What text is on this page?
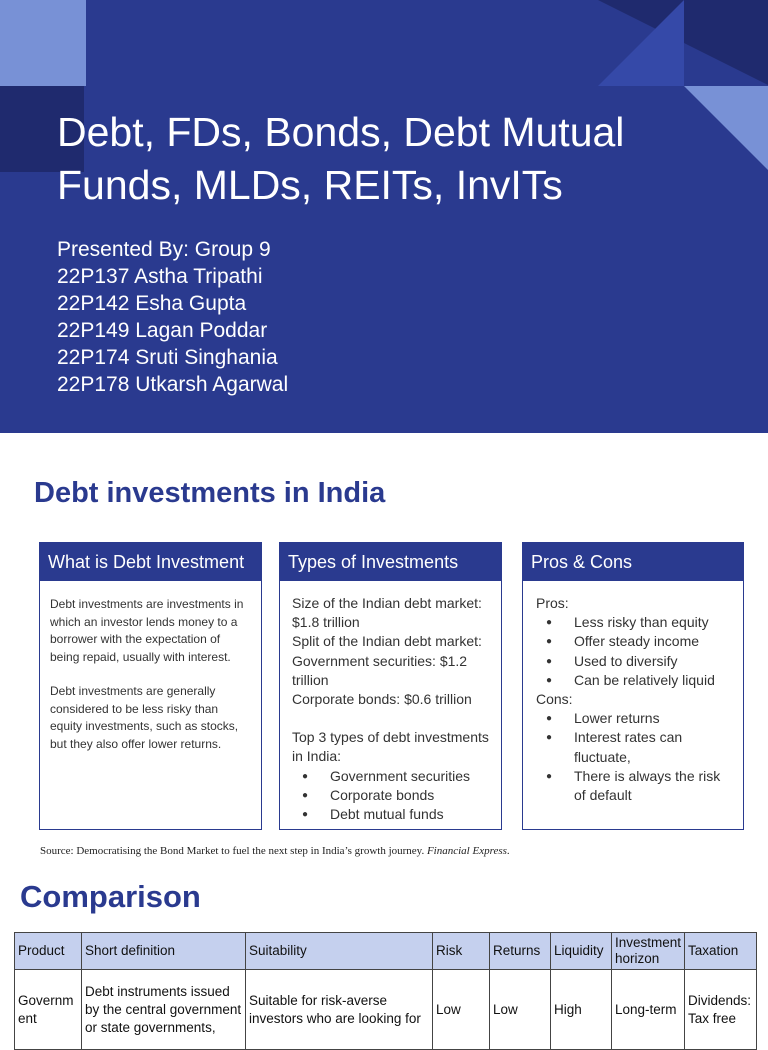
Debt, FDs, Bonds, Debt Mutual Funds, MLDs, REITs, InvITs
Presented By: Group 9
22P137 Astha Tripathi
22P142 Esha Gupta
22P149 Lagan Poddar
22P174 Sruti Singhania
22P178 Utkarsh Agarwal
Debt investments in India
What is Debt Investment

Debt investments are investments in which an investor lends money to a borrower with the expectation of being repaid, usually with interest.

Debt investments are generally considered to be less risky than equity investments, such as stocks, but they also offer lower returns.

Types of Investments
Size of the Indian debt market: $1.8 trillion
Split of the Indian debt market:
Government securities: $1.2 trillion
Corporate bonds: $0.6 trillion
Top 3 types of debt investments in India:
● Government securities
● Corporate bonds
● Debt mutual funds
Pros & Cons
Pros:
● Less risky than equity
● Offer steady income
● Used to diversify
● Can be relatively liquid
Cons:
● Lower returns
● Interest rates can fluctuate,
● There is always the risk of default
Source: Democratising the Bond Market to fuel the next step in India’s growth journey. Financial Express.
Comparison
Product	Short definition	Suitability	Risk	Returns	Liquidity	Investment horizon	Taxation
Governm ent	Debt instruments issued by the central government or state governments,	Suitable for risk-averse investors who are looking for	Low	Low	High	Long-term	Dividends: Tax free
